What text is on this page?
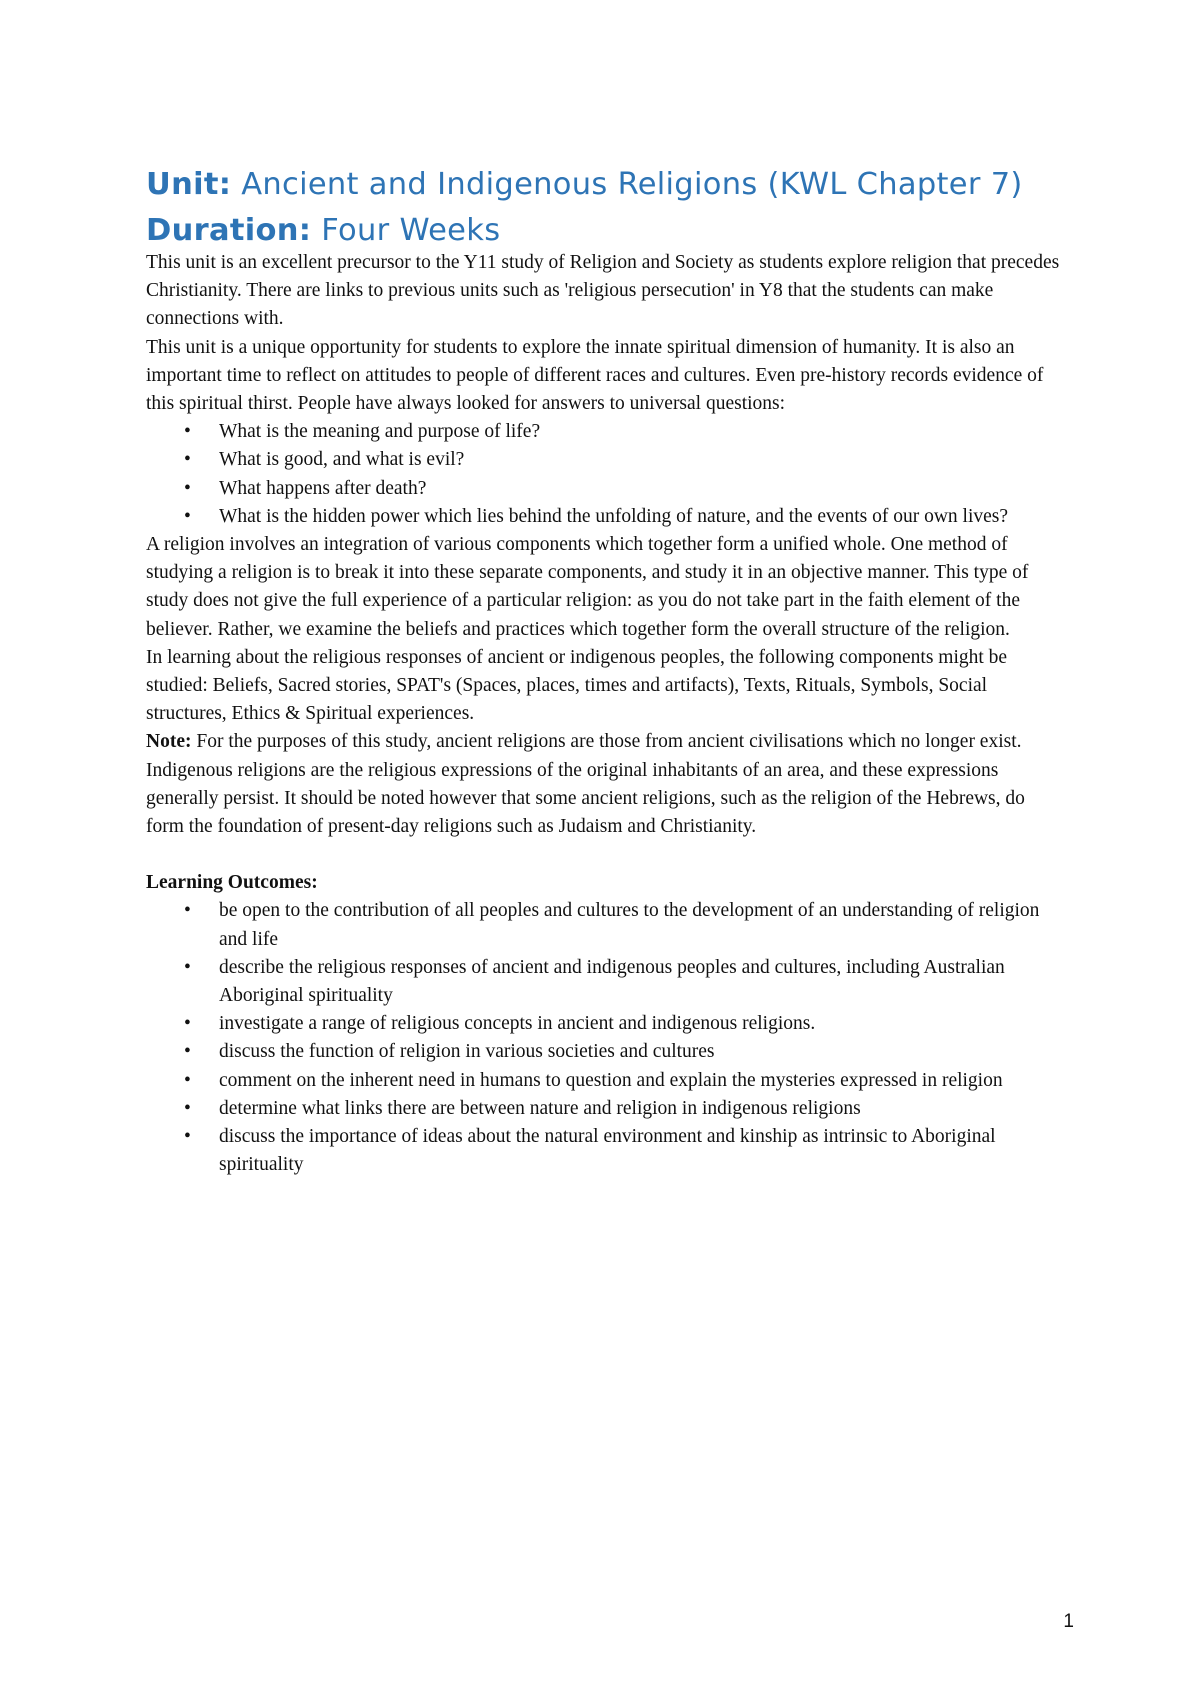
Unit: Ancient and Indigenous Religions (KWL Chapter 7)
Duration: Four Weeks

This unit is an excellent precursor to the Y11 study of Religion and Society as students explore religion that precedes Christianity. There are links to previous units such as 'religious persecution' in Y8 that the students can make connections with.

This unit is a unique opportunity for students to explore the innate spiritual dimension of humanity. It is also an important time to reflect on attitudes to people of different races and cultures. Even pre-history records evidence of this spiritual thirst. People have always looked for answers to universal questions:

•	What is the meaning and purpose of life?
•	What is good, and what is evil?
•	What happens after death?
•	What is the hidden power which lies behind the unfolding of nature, and the events of our own lives?

A religion involves an integration of various components which together form a unified whole. One method of studying a religion is to break it into these separate components, and study it in an objective manner. This type of study does not give the full experience of a particular religion: as you do not take part in the faith element of the believer. Rather, we examine the beliefs and practices which together form the overall structure of the religion.

In learning about the religious responses of ancient or indigenous peoples, the following components might be studied: Beliefs, Sacred stories, SPAT's (Spaces, places, times and artifacts), Texts, Rituals, Symbols, Social structures, Ethics & Spiritual experiences.

Note: For the purposes of this study, ancient religions are those from ancient civilisations which no longer exist. Indigenous religions are the religious expressions of the original inhabitants of an area, and these expressions generally persist. It should be noted however that some ancient religions, such as the religion of the Hebrews, do form the foundation of present-day religions such as Judaism and Christianity.

Learning Outcomes:

•	be open to the contribution of all peoples and cultures to the development of an understanding of religion and life
•	describe the religious responses of ancient and indigenous peoples and cultures, including Australian Aboriginal spirituality
•	investigate a range of religious concepts in ancient and indigenous religions.
•	discuss the function of religion in various societies and cultures
•	comment on the inherent need in humans to question and explain the mysteries expressed in religion
•	determine what links there are between nature and religion in indigenous religions
•	discuss the importance of ideas about the natural environment and kinship as intrinsic to Aboriginal spirituality
1
